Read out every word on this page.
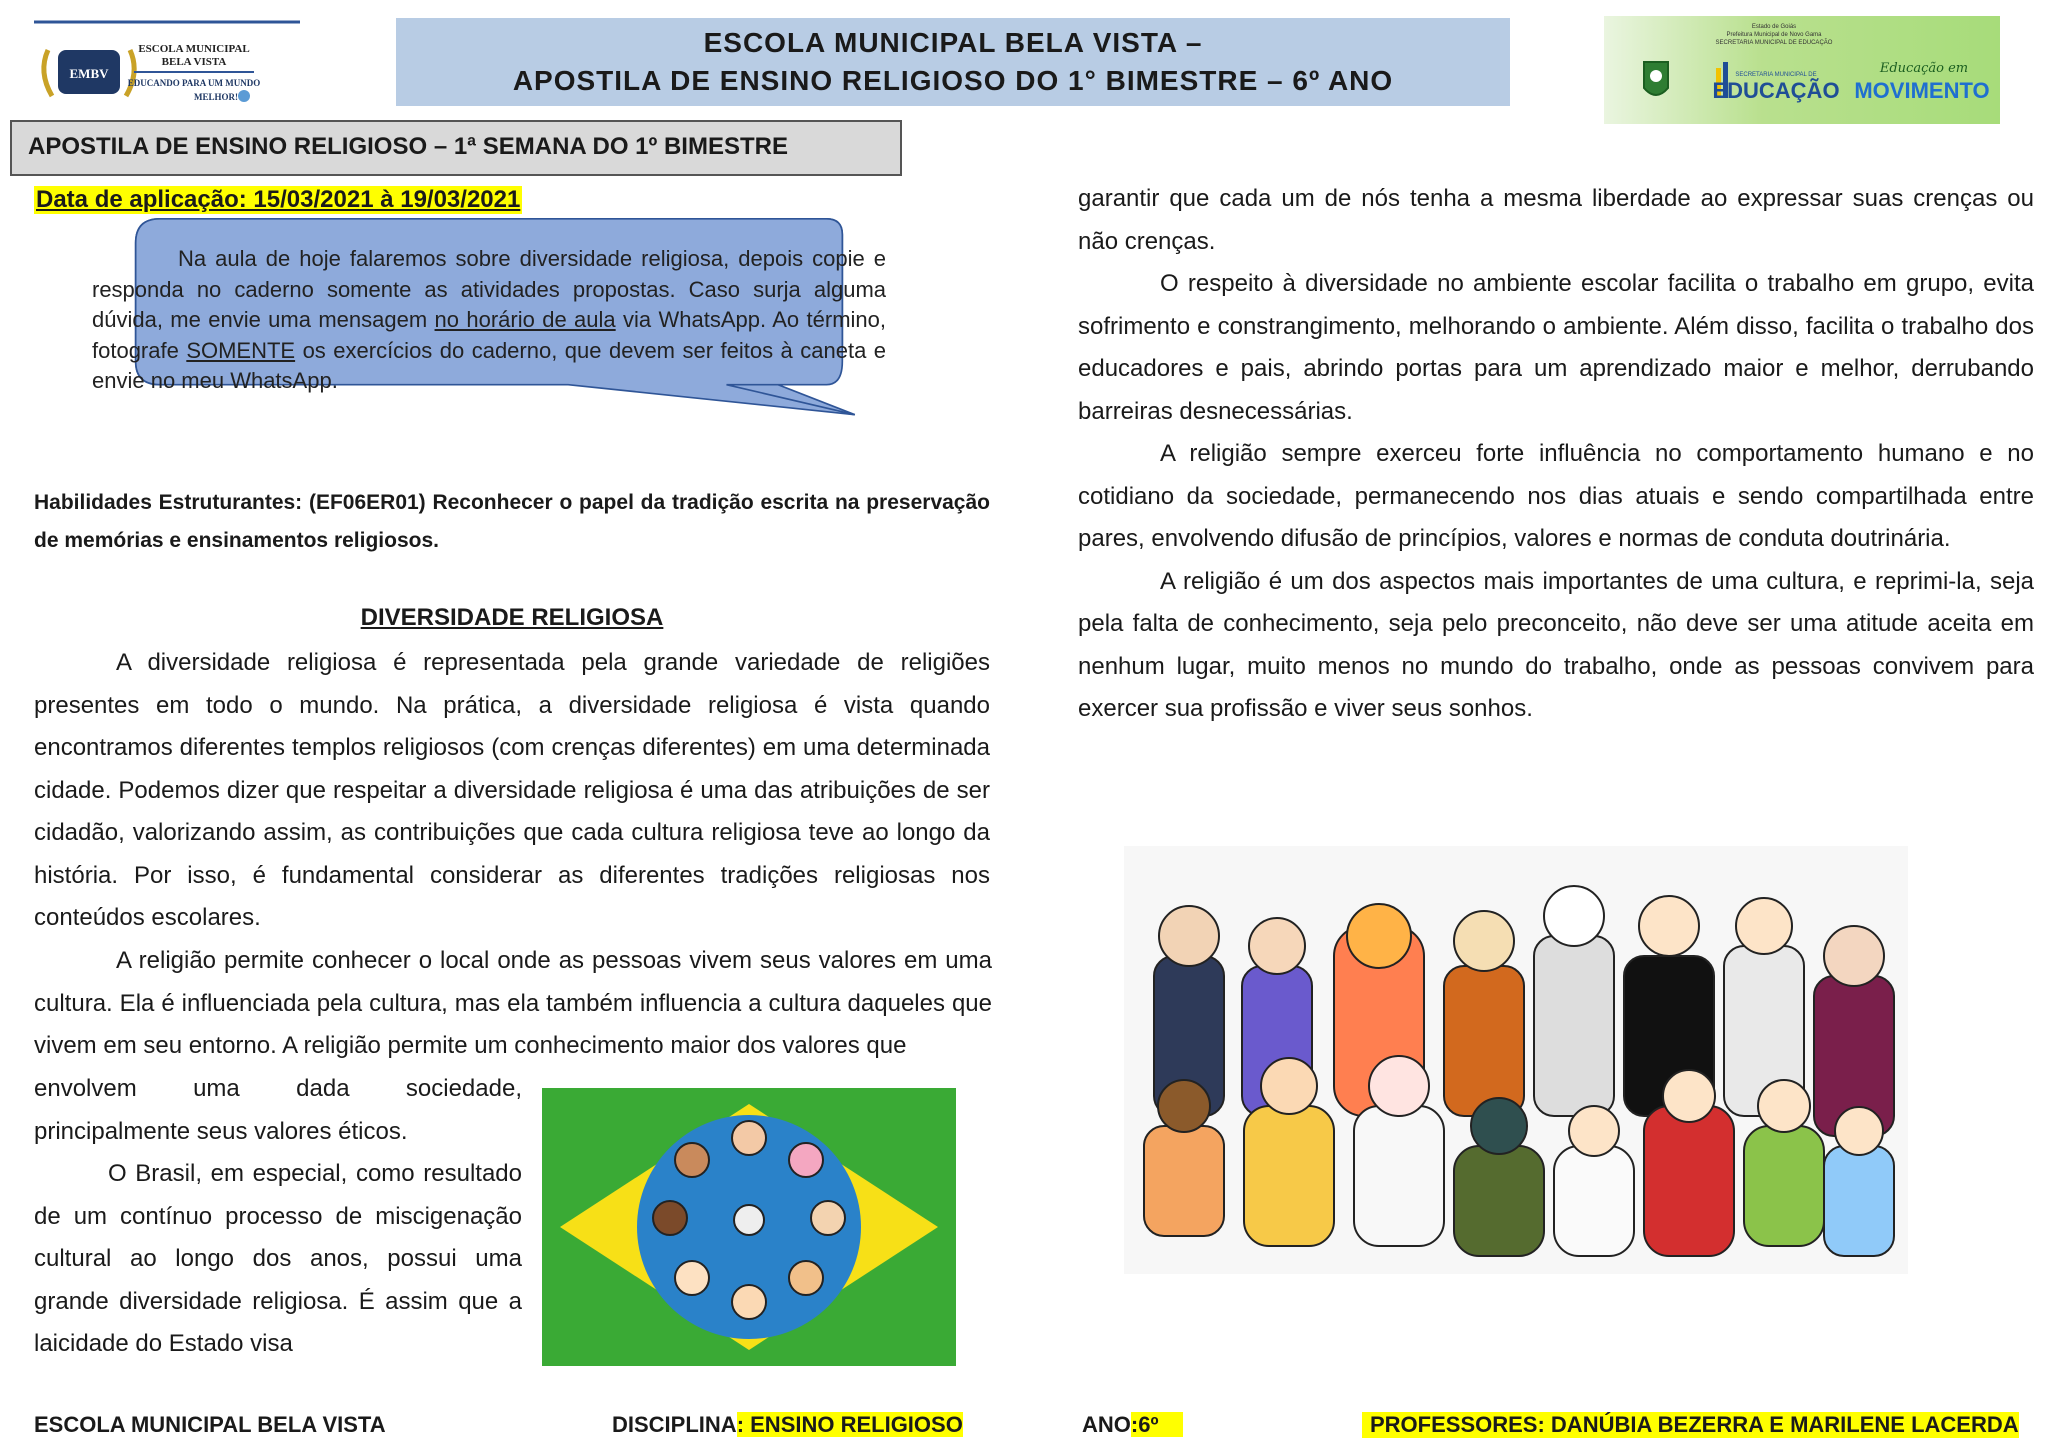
EMBV
ESCOLA MUNICIPAL
BELA VISTA
EDUCANDO PARA UM MUNDO
MELHOR!
ESCOLA MUNICIPAL BELA VISTA –
APOSTILA DE ENSINO RELIGIOSO DO 1° BIMESTRE – 6º ANO
Estado de Goiás
Prefeitura Municipal de Novo Gama
SECRETARIA MUNICIPAL DE EDUCAÇÃO
SECRETARIA MUNICIPAL DE
EDUCAÇÃO
Educação em
MOVIMENTO
APOSTILA DE ENSINO RELIGIOSO – 1ª SEMANA DO 1º BIMESTRE
Data de aplicação: 15/03/2021 à 19/03/2021
Na aula de hoje falaremos sobre diversidade religiosa, depois copie e responda no caderno somente as atividades propostas. Caso surja alguma dúvida, me envie uma mensagem no horário de aula via WhatsApp. Ao término, fotografe SOMENTE os exercícios do caderno, que devem ser feitos à caneta e envie no meu WhatsApp.
Habilidades Estruturantes: (EF06ER01) Reconhecer o papel da tradição escrita na preservação de memórias e ensinamentos religiosos.
DIVERSIDADE RELIGIOSA
A diversidade religiosa é representada pela grande variedade de religiões presentes em todo o mundo. Na prática, a diversidade religiosa é vista quando encontramos diferentes templos religiosos (com crenças diferentes) em uma determinada cidade. Podemos dizer que respeitar a diversidade religiosa é uma das atribuições de ser cidadão, valorizando assim, as contribuições que cada cultura religiosa teve ao longo da história. Por isso, é fundamental considerar as diferentes tradições religiosas nos conteúdos escolares.
A religião permite conhecer o local onde as pessoas vivem seus valores em uma cultura. Ela é influenciada pela cultura, mas ela também influencia a cultura daqueles que vivem em seu entorno. A religião permite um conhecimento maior dos valores que
envolvem uma dada sociedade, principalmente seus valores éticos.
O Brasil, em especial, como resultado de um contínuo processo de miscigenação cultural ao longo dos anos, possui uma grande diversidade religiosa. É assim que a laicidade do Estado visa
garantir que cada um de nós tenha a mesma liberdade ao expressar suas crenças ou não crenças.
O respeito à diversidade no ambiente escolar facilita o trabalho em grupo, evita sofrimento e constrangimento, melhorando o ambiente. Além disso, facilita o trabalho dos educadores e pais, abrindo portas para um aprendizado maior e melhor, derrubando barreiras desnecessárias.
A religião sempre exerceu forte influência no comportamento humano e no cotidiano da sociedade, permanecendo nos dias atuais e sendo compartilhada entre pares, envolvendo difusão de princípios, valores e normas de conduta doutrinária.
A religião é um dos aspectos mais importantes de uma cultura, e reprimi-la, seja pela falta de conhecimento, seja pelo preconceito, não deve ser uma atitude aceita em nenhum lugar, muito menos no mundo do trabalho, onde as pessoas convivem para exercer sua profissão e viver seus sonhos.
ESCOLA MUNICIPAL BELA VISTA	DISCIPLINA: ENSINO RELIGIOSO	ANO:6º	PROFESSORES: DANÚBIA BEZERRA E MARILENE LACERDA
